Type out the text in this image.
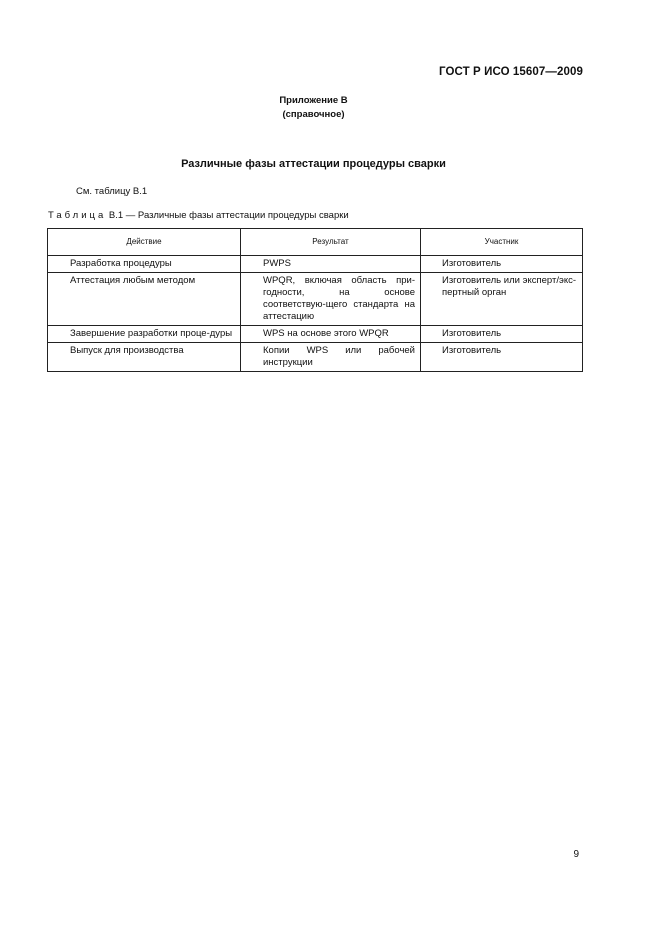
ГОСТ Р ИСО 15607—2009
Приложение В
(справочное)
Различные фазы аттестации процедуры сварки
См. таблицу В.1
Таблица В.1 — Различные фазы аттестации процедуры сварки
Действие	Результат	Участник
Разработка процедуры	PWPS	Изготовитель

Аттестация любым методом	WPQR, включая область при-годности, на основе соответствую-щего стандарта на аттестацию	Изготовитель или эксперт/экс-пертный орган

Завершение разработки проце-дуры	WPS на основе этого WPQR	Изготовитель

Выпуск для производства	Копии WPS или рабочей инструкции	Изготовитель
9
